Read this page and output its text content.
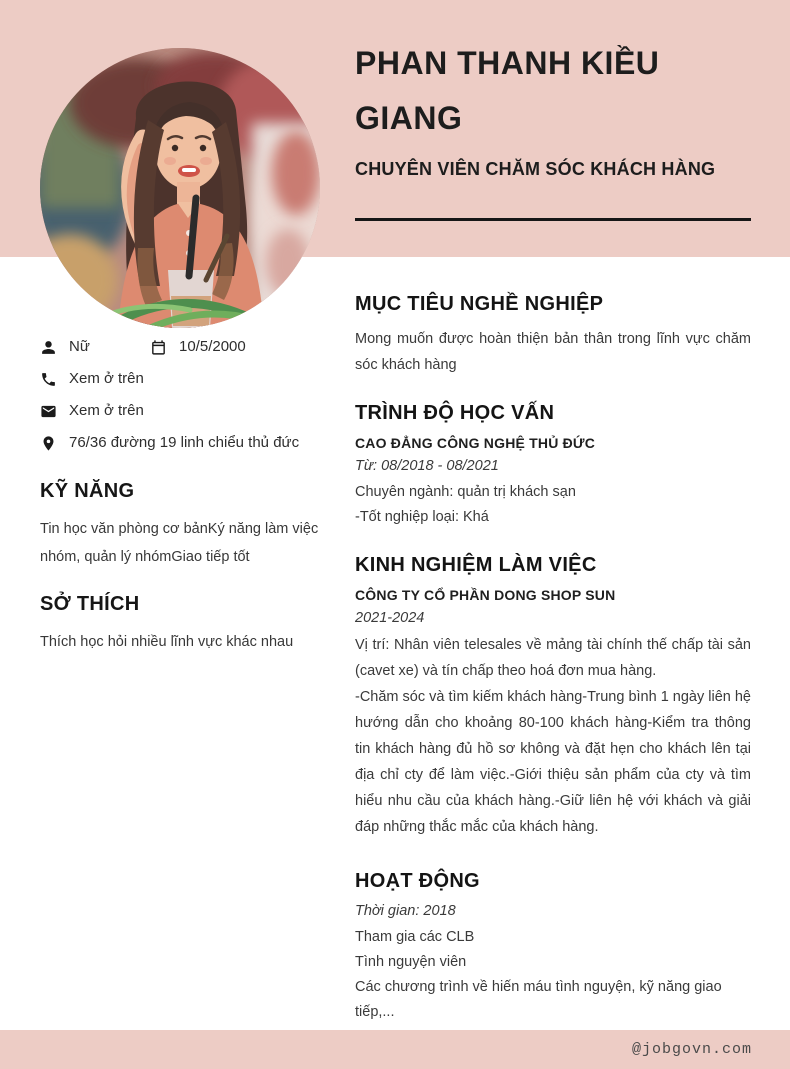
PHAN THANH KIỀU GIANG
CHUYÊN VIÊN CHĂM SÓC KHÁCH HÀNG
Nữ	10/5/2000
Xem ở trên
Xem ở trên
76/36 đường 19 linh chiểu thủ đức
KỸ NĂNG

Tin học văn phòng cơ bảnKý năng làm việc nhóm, quản lý nhómGiao tiếp tốt

SỞ THÍCH

Thích học hỏi nhiều lĩnh vực khác nhau

MỤC TIÊU NGHỀ NGHIỆP

Mong muốn được hoàn thiện bản thân trong lĩnh vực chăm sóc khách hàng

TRÌNH ĐỘ HỌC VẤN
CAO ĐẲNG CÔNG NGHỆ THỦ ĐỨC

Từ: 08/2018 - 08/2021

Chuyên ngành: quản trị khách sạn

-Tốt nghiệp loại: Khá

KINH NGHIỆM LÀM VIỆC
CÔNG TY CỔ PHẦN DONG SHOP SUN

2021-2024

Vị trí: Nhân viên telesales về mảng tài chính thế chấp tài sản (cavet xe) và tín chấp theo hoá đơn mua hàng.

-Chăm sóc và tìm kiếm khách hàng-Trung bình 1 ngày liên hệ hướng dẫn cho khoảng 80-100 khách hàng-Kiểm tra thông tin khách hàng đủ hồ sơ không và đặt hẹn cho khách lên tại địa chỉ cty để làm việc.-Giới thiệu sản phẩm của cty và tìm hiểu nhu cầu của khách hàng.-Giữ liên hệ với khách và giải đáp những thắc mắc của khách hàng.

HOẠT ĐỘNG

Thời gian: 2018

Tham gia các CLB

Tình nguyện viên

Các chương trình về hiến máu tình nguyện, kỹ năng giao tiếp,...

@jobgovn.com
